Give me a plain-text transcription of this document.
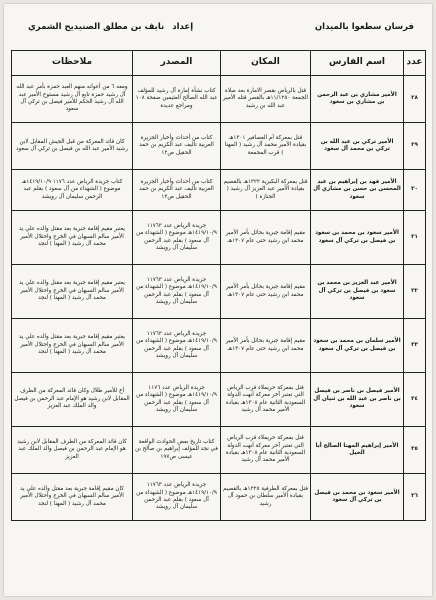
فرسان سطعوا بالميدان
إعدادنايف بن مطلق الصنيديح الشمري
عدد	اسم الفارس	المكان	المصدر	ملاحظات
٢٨	الأمير مشاري بن عبد الرحمن بن مشاري بن سعود	قتل بالرياض بقصر الامارة بعد صلاة الجمعة ١١/١٢٥٠هـ بالقصر قتله الأمير عبد الله بن رشيد	كتاب نشأة إمارة آل رشيد للمؤلف عبد الله الصالح العثيمين صفحة ١٠٨ ومراجع عديدة	ومعه ٦ من أعوانه منهم العبد حمزة بأمر عبد الله آل رشيد حمزة تابع آل رشيد مستوح الأمير عبد الله آل رشيد الحكم للأمير فيصل بن تركي آل سعود
٢٩	الأمير تركي بن عبد الله بن تركي بن محمد آل سعود	قتل بمعركة أم العصافير ١٣٠١هـ بقيادة الأمير محمد آل رشيد ( المهنا ) قرب المجمعة	كتاب من أحداث وأخبار الجزيرة العربية تأليف عبد الكريم بن حمد الحقيل ص١٢	كان قائد المعركة من قبل الجيش المقابل لابن رشيد الأمير عبد الله بن فيصل بن تركي آل سعود
٣٠	الأمير فهد بن إبراهيم بن عبد المحسن بن حسن بن مشاري آل سعود	قتل بمعركة البكيرية ١٣٢٢هـ بالقصيم بقيادة الأمير عبد العزيز آل رشيد ( الجنازة )	كتاب من أحداث وأخبار الجزيرة العربية تأليف عبد الكريم بن حمد الحقيل ص١٢	كتاب جريدة الرياض عدد ١١٧٦ ١٤١٩/١٠/٩هـ موضوع ( الشهداء من آل سعود ) بقلم عبد الرحمن سليمان آل رويشد
٣١	الأمير سعود بن محمد بن سعود بن فيصل بن تركي آل سعود	مقيم إقامة جبرية بحائل بأمر الأمير محمد ابن رشيد حتى عام ١٣٠٧هـ	جريدة الرياض عدد ١١٧٦٣ ١٤١٩/١٠/٩هـ موضوع ( الشهداء من آل سعود ) بقلم عبد الرحمن سليمان آل رويشد	يعتبر مقيم إقامة جبرية بعد مقتل والده علي يد الأمير سالم السبهان في الخرج واحتلال الأمير محمد آل رشيد ( المهنا ) لنجد
٣٢	الأمير عبد العزيز بن محمد بن سعود بن فيصل بن تركي آل سعود	مقيم إقامة جبرية بحائل بأمر الأمير محمد ابن رشيد حتى عام ١٣٠٧هـ	جريدة الرياض عدد ١١٧٦٣ ١٤١٩/١٠/٩هـ موضوع ( الشهداء من آل سعود ) بقلم عبد الرحمن سليمان آل رويشد	يعتبر مقيم إقامة جبرية بعد مقتل والده علي يد الأمير سالم السبهان في الخرج واحتلال الأمير محمد آل رشيد ( المهنا ) لنجد
٣٣	الأمير سلمان بن محمد بن سعود بن فيصل بن تركي آل سعود	مقيم إقامة جبرية بحائل بأمر الأمير محمد ابن رشيد حتى عام ١٣٠٧هـ	جريدة الرياض عدد ١١٧٦٣ ١٤١٩/١٠/٩هـ موضوع ( الشهداء من آل سعود ) بقلم عبد الرحمن سليمان آل رويشد	يعتبر مقيم إقامة جبرية بعد مقتل والده علي يد الأمير سالم السبهان في الخرج واحتلال الأمير محمد آل رشيد ( المهنا ) لنجد
٣٤	الأمير فيصل بن ناصر بن فيصل بن ناصر بن عبد الله بن ثنيان آل سعود	قتل بمعركة حريملاء قرب الرياض التي تعتبر آخر معركة أنهت الدولة السعودية الثانية عام ١٣٠٨هـ بقيادة الأمير محمد آل رشيد	جريدة الرياض عدد ١١٧٦ ١٤١٩/١٠/٩هـ موضوع ( الشهداء من آل سعود ) بقلم عبد الرحمن سليمان آل رويشد	أخ للأمير طلال وكان قائد المعركة من الطرف المقابل لابن رشيد هو الإمام عبد الرحمن بن فيصل والد الملك عبد العزيز
٣٥	الأمير إبراهيم المهنا الصالح أبا الخيل	قتل بمعركة حريملاء قرب الرياض التي تعتبر آخر معركة أنهت الدولة السعودية الثانية عام ١٣٠٨هـ بقيادة الأمير محمد آل رشيد	كتاب تاريخ بعض الحوادث الواقعة في نجد للمؤلف إبراهيم بن صالح بن عيسى ص١٩٧	كان قائد المعركة من الطرف المقابل لابن رشيد هو الإمام عبد الرحمن بن فيصل والد الملك عبد العزيز
٣٦	الأمير سعود بن محمد بن فيصل بن تركي آل سعود	قتل بمعركة الطرفية ١٣٢٥هـ بالقصيم بقيادة الأمير سلطان بن حمود آل رشيد	جريدة الرياض عدد ١١٧٦٣ ١٤١٩/١٠/٩هـ موضوع ( الشهداء من آل سعود ) بقلم عبد الرحمن سليمان آل رويشد	كان مقيم إقامة جبرية بعد مقتل والده علي يد الأمير سالم السبهان في الخرج واحتلال الأمير محمد آل رشيد ( المهنا ) لنجد
